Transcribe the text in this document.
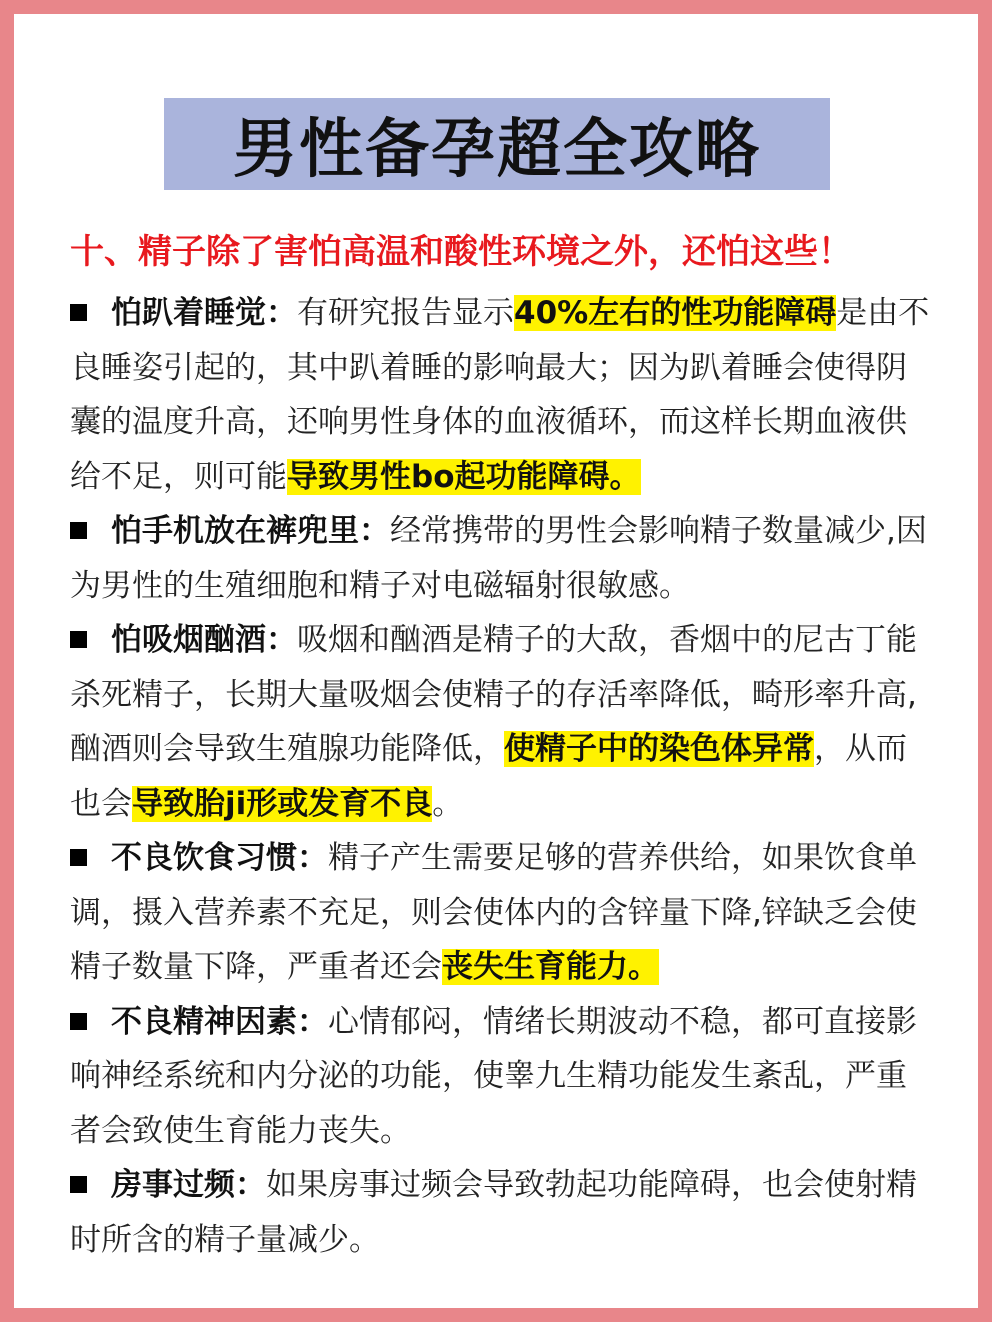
男性备孕超全攻略
十、精子除了害怕高温和酸性环境之外，还怕这些！
怕趴着睡觉：有研究报告显示40%左右的性功能障碍是由不良睡姿引起的，其中趴着睡的影响最大；因为趴着睡会使得阴囊的温度升高，还响男性身体的血液循环，而这样长期血液供给不足，则可能导致男性bo起功能障碍。
怕手机放在裤兜里：经常携带的男性会影响精子数量减少,因为男性的生殖细胞和精子对电磁辐射很敏感。
怕吸烟酗酒：吸烟和酗酒是精子的大敌，香烟中的尼古丁能杀死精子，长期大量吸烟会使精子的存活率降低，畸形率升高,酗酒则会导致生殖腺功能降低，使精子中的染色体异常，从而也会导致胎ji形或发育不良。
不良饮食习惯：精子产生需要足够的营养供给，如果饮食单调，摄入营养素不充足，则会使体内的含锌量下降,锌缺乏会使精子数量下降，严重者还会丧失生育能力。
不良精神因素：心情郁闷，情绪长期波动不稳，都可直接影响神经系统和内分泌的功能，使睾九生精功能发生紊乱，严重者会致使生育能力丧失。
房事过频：如果房事过频会导致勃起功能障碍，也会使射精时所含的精子量减少。
